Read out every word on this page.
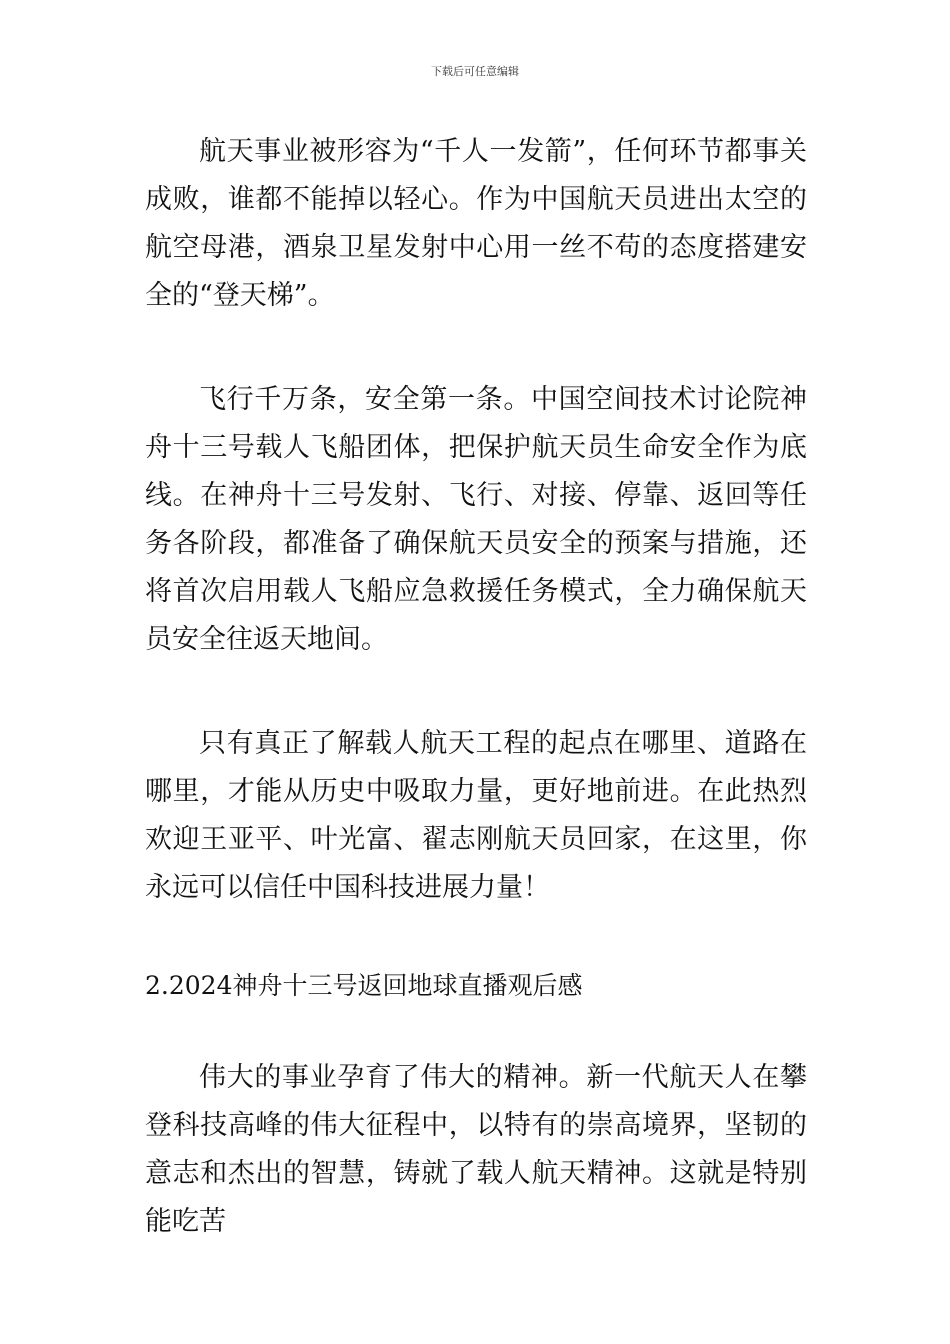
下载后可任意编辑

航天事业被形容为“千人一发箭”，任何环节都事关成败，谁都不能掉以轻心。作为中国航天员进出太空的航空母港，酒泉卫星发射中心用一丝不苟的态度搭建安全的“登天梯”。

飞行千万条，安全第一条。中国空间技术讨论院神舟十三号载人飞船团体，把保护航天员生命安全作为底线。在神舟十三号发射、飞行、对接、停靠、返回等任务各阶段，都准备了确保航天员安全的预案与措施，还将首次启用载人飞船应急救援任务模式，全力确保航天员安全往返天地间。

只有真正了解载人航天工程的起点在哪里、道路在哪里，才能从历史中吸取力量，更好地前进。在此热烈欢迎王亚平、叶光富、翟志刚航天员回家，在这里，你永远可以信任中国科技进展力量！

2.2024神舟十三号返回地球直播观后感

伟大的事业孕育了伟大的精神。新一代航天人在攀登科技高峰的伟大征程中，以特有的崇高境界，坚韧的意志和杰出的智慧，铸就了载人航天精神。这就是特别能吃苦
